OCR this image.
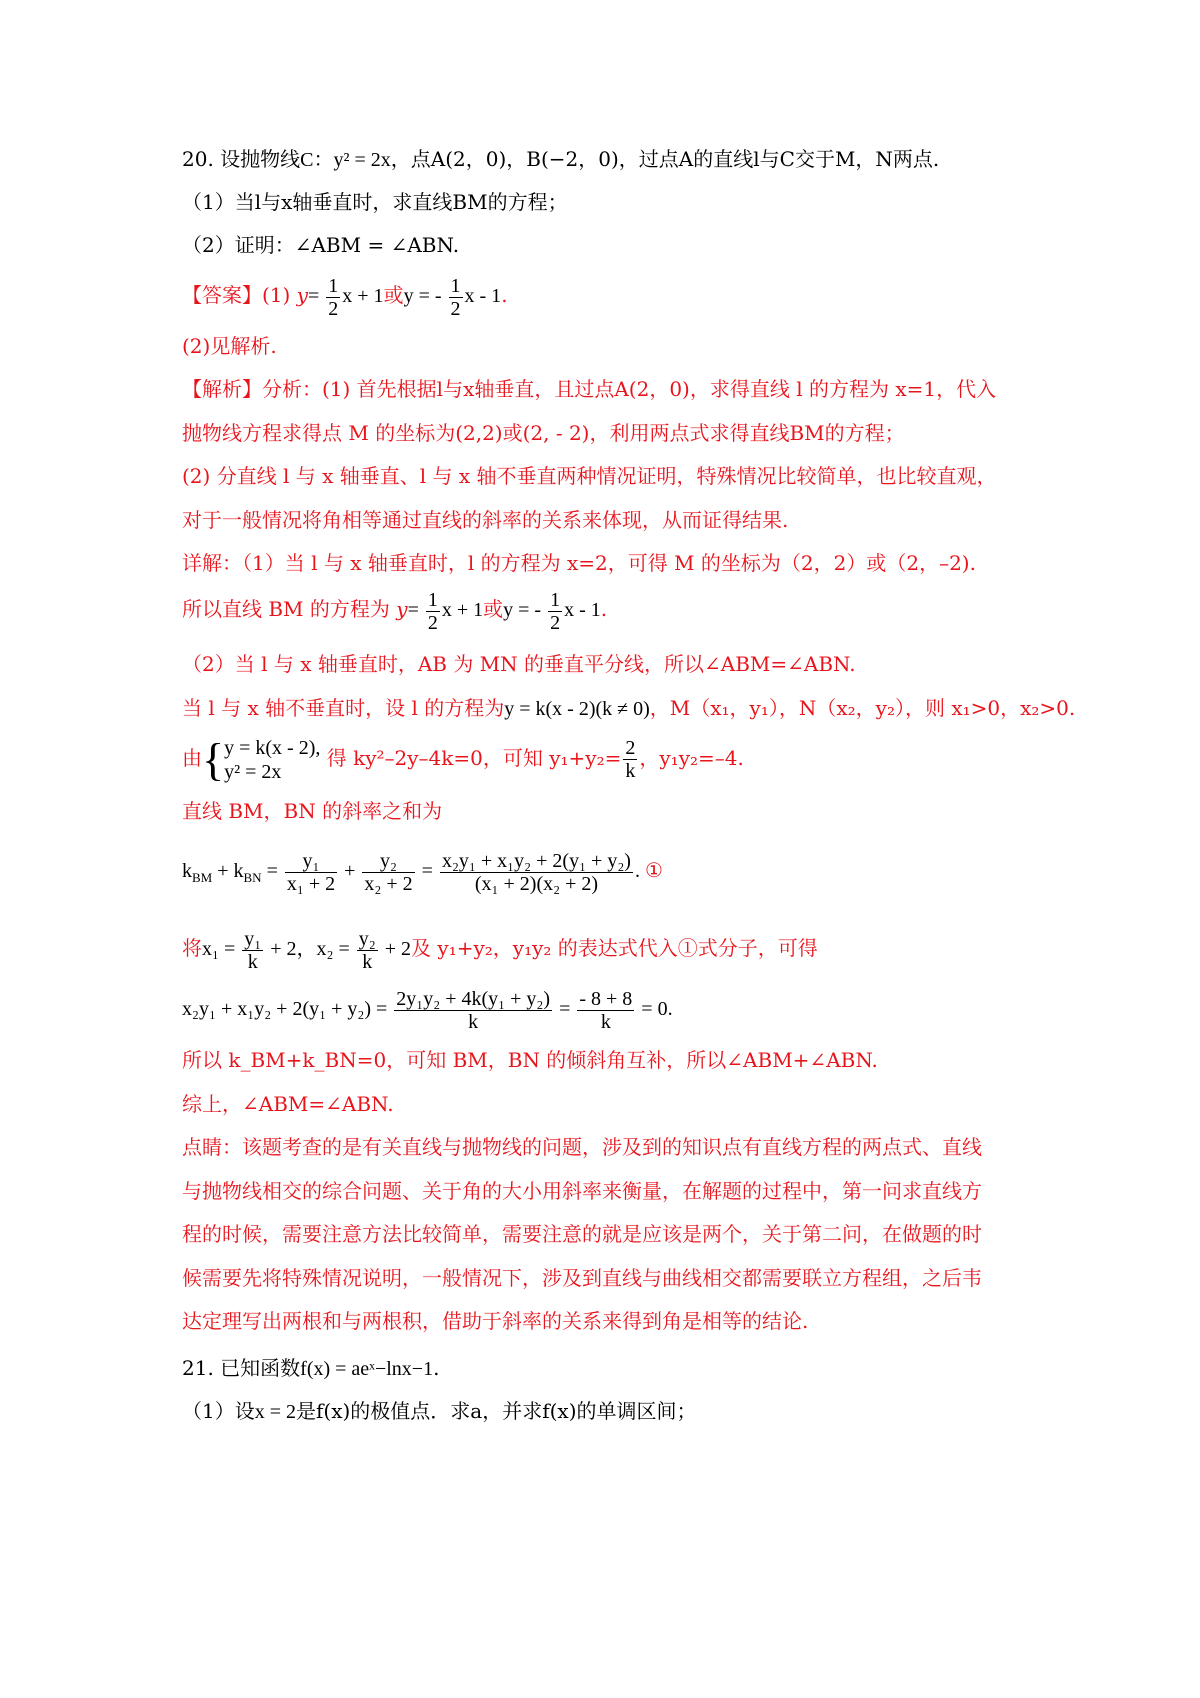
20. 设抛物线C：y² = 2x，点A(2，0)，B(−2，0)，过点A的直线l与C交于M，N两点.
（1）当l与x轴垂直时，求直线BM的方程；
（2）证明：∠ABM = ∠ABN.
【答案】(1) $y= \frac{1}{2}$ x + 1或y = - $\frac{1}{2}$ x - 1.
(2)见解析.
【解析】分析：(1) 首先根据l与x轴垂直，且过点A(2，0)，求得直线 l 的方程为 x=1，代入
抛物线方程求得点 M 的坐标为(2,2)或(2, - 2)，利用两点式求得直线BM的方程；
(2) 分直线 l 与 x 轴垂直、l 与 x 轴不垂直两种情况证明，特殊情况比较简单，也比较直观，
对于一般情况将角相等通过直线的斜率的关系来体现，从而证得结果.
详解：（1）当 l 与 x 轴垂直时，l 的方程为 x=2，可得 M 的坐标为（2，2）或（2，–2).
所以直线 BM 的方程为 $y= \frac{1}{2}$ x + 1或y = - $\frac{1}{2}$ x - 1.
（2）当 l 与 x 轴垂直时，AB 为 MN 的垂直平分线，所以∠ABM=∠ABN.
当 l 与 x 轴不垂直时，设 l 的方程为y = k(x - 2)(k ≠ 0)，M（x₁，y₁），N（x₂，y₂），则 x₁>0，x₂>0.
由{ y = k(x - 2),
y² = 2x
得 ky²–2y–4k=0，可知 $y_1+y_2= \frac{2}{k}$ ，y₁y₂=–4.
直线 BM，BN 的斜率之和为
$k_{BM} + k_{BN} = \frac{\text{y₁}}{\text{x₁ + 2}} + \frac{\text{y₂}}{\text{x₂ + 2}} = \frac{\text{x₂y₁ + x₁y₂ + 2(y₁ + y₂)}}{\text{(x₁ + 2)(x₂ + 2)}}$ . ①
将$x_1 = \frac{\text{y₁}}{k} + 2$，$x_2 = \frac{\text{y₂}}{k} + 2$及 y₁+y₂，y₁y₂ 的表达式代入①式分子，可得
$x_2y_1 + x_1y_2 + 2(y_1 + y_2) = \frac{\text{2y₁y₂ + 4k(y₁ + y₂)}}{k} = \frac{- 8 + 8}{k} = 0$.
所以 k_BM+k_BN=0，可知 BM，BN 的倾斜角互补，所以∠ABM+∠ABN.
综上，∠ABM=∠ABN.
点睛：该题考查的是有关直线与抛物线的问题，涉及到的知识点有直线方程的两点式、直线
与抛物线相交的综合问题、关于角的大小用斜率来衡量，在解题的过程中，第一问求直线方
程的时候，需要注意方法比较简单，需要注意的就是应该是两个，关于第二问，在做题的时
候需要先将特殊情况说明，一般情况下，涉及到直线与曲线相交都需要联立方程组，之后韦
达定理写出两根和与两根积，借助于斜率的关系来得到角是相等的结论.
21. 已知函数f(x) = aeˣ−lnx−1.
（1）设x = 2是f(x)的极值点．求a，并求f(x)的单调区间；
